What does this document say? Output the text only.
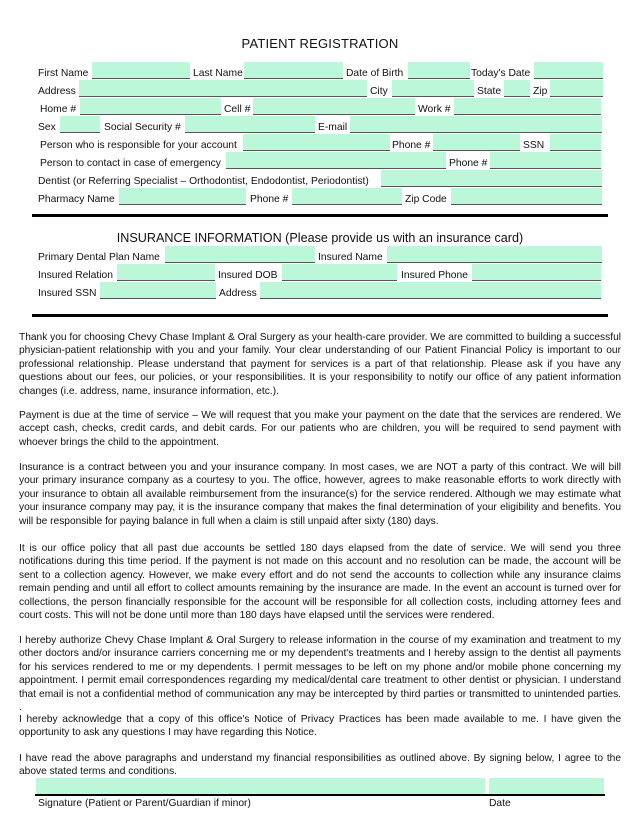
PATIENT REGISTRATION
First Name	Last Name	Date of Birth	Today's Date
Address	City	State	Zip
Home #	Cell #	Work #
Sex	Social Security #	E-mail
Person who is responsible for your account	Phone #	SSN
Person to contact in case of emergency	Phone #
Dentist (or Referring Specialist – Orthodontist, Endodontist, Periodontist)
Pharmacy Name	Phone #	Zip Code
INSURANCE INFORMATION (Please provide us with an insurance card)
Primary Dental Plan Name	Insured Name
Insured Relation	Insured DOB	Insured Phone
Insured SSN	Address
Thank you for choosing Chevy Chase Implant & Oral Surgery as your health-care provider. We are committed to building a successful physician-patient relationship with you and your family. Your clear understanding of our Patient Financial Policy is important to our professional relationship. Please understand that payment for services is a part of that relationship. Please ask if you have any questions about our fees, our policies, or your responsibilities. It is your responsibility to notify our office of any patient information changes (i.e. address, name, insurance information, etc.).
Payment is due at the time of service – We will request that you make your payment on the date that the services are rendered. We accept cash, checks, credit cards, and debit cards. For our patients who are children, you will be required to send payment with whoever brings the child to the appointment.
Insurance is a contract between you and your insurance company. In most cases, we are NOT a party of this contract. We will bill your primary insurance company as a courtesy to you. The office, however, agrees to make reasonable efforts to work directly with your insurance to obtain all available reimbursement from the insurance(s) for the service rendered. Although we may estimate what your insurance company may pay, it is the insurance company that makes the final determination of your eligibility and benefits. You will be responsible for paying balance in full when a claim is still unpaid after sixty (180) days.
It is our office policy that all past due accounts be settled 180 days elapsed from the date of service. We will send you three notifications during this time period. If the payment is not made on this account and no resolution can be made, the account will be sent to a collection agency. However, we make every effort and do not send the accounts to collection while any insurance claims remain pending and until all effort to collect amounts remaining by the insurance are made. In the event an account is turned over for collections, the person financially responsible for the account will be responsible for all collection costs, including attorney fees and court costs. This will not be done until more than 180 days have elapsed until the services were rendered.
I hereby authorize Chevy Chase Implant & Oral Surgery to release information in the course of my examination and treatment to my other doctors and/or insurance carriers concerning me or my dependent's treatments and I hereby assign to the dentist all payments for his services rendered to me or my dependents. I permit messages to be left on my phone and/or mobile phone concerning my appointment. I permit email correspondences regarding my medical/dental care treatment to other dentist or physician. I understand that email is not a confidential method of communication any may be intercepted by third parties or transmitted to unintended parties. .
I hereby acknowledge that a copy of this office's Notice of Privacy Practices has been made available to me. I have given the opportunity to ask any questions I may have regarding this Notice.
I have read the above paragraphs and understand my financial responsibilities as outlined above. By signing below, I agree to the above stated terms and conditions.
Signature (Patient or Parent/Guardian if minor)	Date
